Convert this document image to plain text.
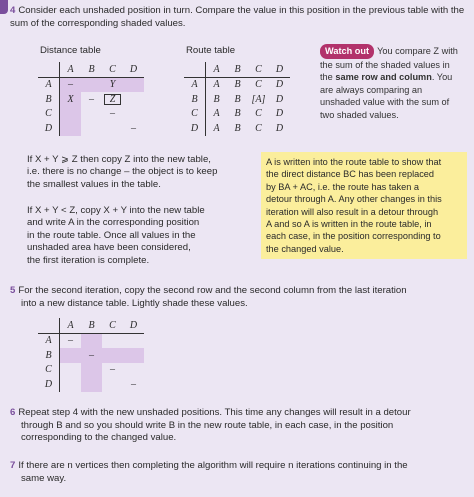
4 Consider each unshaded position in turn. Compare the value in this position in the previous table with the sum of the corresponding shaded values.
Distance table	Route table
	A	B	C	D
A	–		Y	
B	X	–	Z	
C			–	
D				–
	A	B	C	D
A	A	B	C	D
B	B	B	[A]	D
C	A	B	C	D
D	A	B	C	D
Watch out You compare Z with the sum of the shaded values in the same row and column. You are always comparing an unshaded value with the sum of two shaded values.
If X + Y ⩾ Z then copy Z into the new table,
i.e. there is no change – the object is to keep
the smallest values in the table.
If X + Y < Z, copy X + Y into the new table
and write A in the corresponding position
in the route table. Once all values in the
unshaded area have been considered,
the first iteration is complete.
A is written into the route table to show that
the direct distance BC has been replaced
by BA + AC, i.e. the route has taken a
detour through A. Any other changes in this
iteration will also result in a detour through
A and so A is written in the route table, in
each case, in the position corresponding to
the changed value.
5 For the second iteration, copy the second row and the second column from the last iteration
into a new distance table. Lightly shade these values.
	A	B	C	D
A	–			
B		–		
C			–	
D				–
6 Repeat step 4 with the new unshaded positions. This time any changes will result in a detour
through B and so you should write B in the new route table, in each case, in the position
corresponding to the changed value.
7 If there are n vertices then completing the algorithm will require n iterations continuing in the
same way.
